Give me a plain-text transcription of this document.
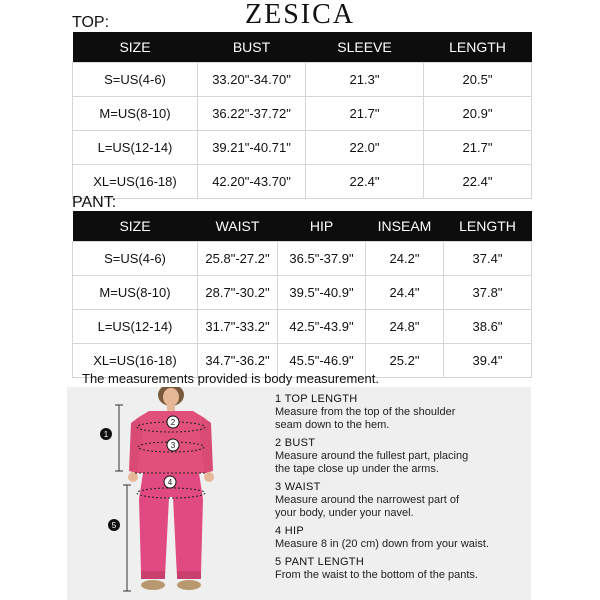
ZESICA
TOP:
SIZE	BUST	SLEEVE	LENGTH
S=US(4-6)	33.20"-34.70"	21.3"	20.5"
M=US(8-10)	36.22"-37.72"	21.7"	20.9"
L=US(12-14)	39.21"-40.71"	22.0"	21.7"
XL=US(16-18)	42.20"-43.70"	22.4"	22.4"
PANT:
SIZE	WAIST	HIP	INSEAM	LENGTH
S=US(4-6)	25.8"-27.2"	36.5"-37.9"	24.2"	37.4"
M=US(8-10)	28.7"-30.2"	39.5"-40.9"	24.4"	37.8"
L=US(12-14)	31.7"-33.2"	42.5"-43.9"	24.8"	38.6"
XL=US(16-18)	34.7"-36.2"	45.5"-46.9"	25.2"	39.4"
The measurements provided is body measurement.
1
2
3
4
5
1 TOP LENGTH
Measure from the top of the shoulder
seam down to the hem.
2 BUST
Measure around the fullest part, placing
the tape close up under the arms.
3 WAIST
Measure around the narrowest part of
your body, under your navel.
4 HIP
Measure 8 in (20 cm) down from your waist.
5 PANT LENGTH
From the waist to the bottom of the pants.
